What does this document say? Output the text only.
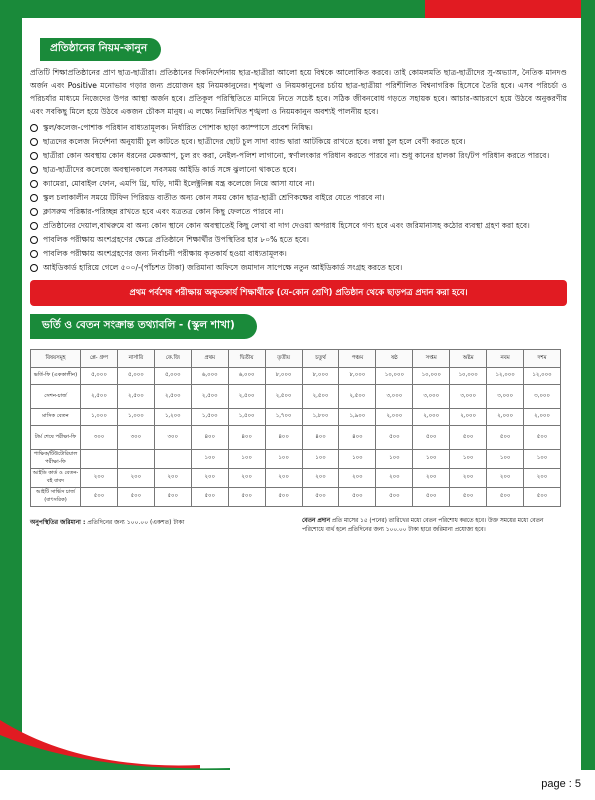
প্রতিষ্ঠানের নিয়ম-কানুন

প্রতিটি শিক্ষাপ্রতিষ্ঠানের প্রাণ ছাত্র-ছাত্রীরা। প্রতিষ্ঠানের দিকনির্দেশনায় ছাত্র-ছাত্রীরা আলো হয়ে বিশ্বকে আলোকিত করবে। তাই কোমলমতি ছাত্র-ছাত্রীদের সু-অভ্যাস, নৈতিক মানদণ্ড অর্জন এবং Positive মনোভাব গড়ার জন্য প্রয়োজন হয় নিয়মকানুনের। শৃঙ্খলা ও নিয়মকানুনের চর্চায় ছাত্র-ছাত্রীয়া পরিশীলিত বিশ্বনাগরিক হিসেবে তৈরি হবে। এসব পরিচর্চা ও পরিচর্যার মাধ্যমে নিজেদের উপর আস্থা অর্জন হবে। প্রতিকূল পরিস্থিতিতে মানিয়ে নিতে সচেষ্ট হবে। সঠিক জীবনবোধ গড়তে সহায়ক হবে। আচার-আচরণে হয়ে উঠবে অনুকরণীয় এবং সবকিছু মিলে হয়ে উঠবে একজন চৌকস মানুষ। এ লক্ষ্যে নিম্নলিখিত শৃঙ্খলা ও নিয়মকানুন অবশ্যই পালনীয় হবে।

স্কুল/কলেজ-পোশাক পরিধান বাধ্যতামূলক। নির্ধারিত পোশাক ছাড়া ক্যাম্পাসে প্রবেশ নিষিদ্ধ।
ছাত্রদের কলেজ নির্দেশনা অনুযায়ী চুল কাটতে হবে। ছাত্রীদের ছোট চুল সাদা ব্যান্ড দ্বারা আটকিয়ে রাখতে হবে। লম্বা চুল হলে বেণী করতে হবে।
ছাত্রীরা কোন অবস্থায় কোন ধরনের মেকআপ, চুল রং করা, নেইল-পলিশ লাগানো, স্বর্ণালংকার পরিধান করতে পারবে না। শুধু কানের হালকা রিং/টপ পরিধান করতে পারবে।
ছাত্র-ছাত্রীদের কলেজে অবস্থানকালে সবসময় আইডি কার্ড সঙ্গে ঝুলানো থাকতে হবে।
ক্যামেরা, মোবাইল ফোন, এমপি থ্রি, ঘড়ি, দামী ইলেক্ট্রনিক্স যন্ত্র কলেজে নিয়ে আসা যাবে না।
স্কুল চলাকালীন সময়ে টিফিন পিরিয়ড ব্যতীত অন্য কোন সময় কোন ছাত্র-ছাত্রী শ্রেণিকক্ষের বাইরে যেতে পারবে না।
ক্লাসরুম পরিষ্কার-পরিচ্ছন্ন রাখতে হবে এবং যত্রতত্র কোন কিছু ফেলতে পারবে না।
প্রতিষ্ঠানের দেয়াল,বাথরুমে বা অন্য কোন স্থানে কোন অবস্থাতেই কিছু লেখা বা দাগ দেওয়া অপরাধ হিসেবে গণ্য হবে এবং জরিমানাসহ কঠোর ব্যবস্থা গ্রহণ করা হবে।
পাবলিক পরীক্ষায় অংশগ্রহণের ক্ষেত্রে প্রতিষ্ঠানে শিক্ষার্থীর উপস্থিতির হার ৮০% হতে হবে।
পাবলিক পরীক্ষায় অংশগ্রহণের জন্য নির্বাচনী পরীক্ষায় কৃতকার্য হওয়া বাধ্যতামূলক।
আইডিকার্ড হারিয়ে গেলে ৫০০/-(পাঁচশত টাকা) জরিমানা অফিসে জমাদান সাপেক্ষে নতুন আইডিকার্ড সংগ্রহ করতে হবে।
প্রথম পর্বশেষ পরীক্ষায় অকৃতকার্য শিক্ষার্থীকে (যে-কোন শ্রেণি) প্রতিষ্ঠান থেকে ছাড়পত্র প্রদান করা হবে।
ভর্তি ও বেতন সংক্রান্ত তথ্যাবলি - (স্কুল শাখা)
বিষয়সমূহ	প্লে- গ্রুপ	নার্সারি	কে.জি	প্রথম	দ্বিতীয়	তৃতীয়	চতুর্থ	পঞ্চম	ষষ্ঠ	সপ্তম	অষ্টম	নবম	দশম
ভর্তি-ফি (এককালীন)	৫,০০০	৫,০০০	৫,০০০	৬,০০০	৬,০০০	৮,০০০	৮,০০০	৮,০০০	১০,০০০	১০,০০০	১০,০০০	১২,০০০	১২,০০০
সেশন-চার্জ	২,৫০০	২,৫০০	২,৫০০	২,৫০০	২,৫০০	২,৫০০	২,৫০০	২,৫০০	৩,০০০	৩,০০০	৩,০০০	৩,০০০	৩,০০০
মাসিক বেতন	১,০০০	১,০০০	১,২০০	১,৫০০	১,৫০০	১,৭০০	১,৮০০	১,৯০০	২,০০০	২,০০০	২,০০০	২,০০০	২,০০০
টার্ম শেষে পরীক্ষা-ফি	৩০০	৩০০	৩০০	৪০০	৪০০	৪০০	৪০০	৪০০	৫০০	৫০০	৫০০	৫০০	৫০০
পাক্ষিক/টিউটোরিয়াল পরীক্ষা-ফি				১০০	১০০	১০০	১০০	১০০	১০০	১০০	১০০	১০০	১০০
আইডি কার্ড ও বেতন-বই বাবদ	২০০	২০০	২০০	২০০	২০০	২০০	২০০	২০০	২০০	২০০	২০০	২০০	২০০
আইটি সার্ভিস চার্জ (বাৎসরিক)	৫০০	৫০০	৫০০	৫০০	৫০০	৫০০	৫০০	৫০০	৫০০	৫০০	৫০০	৫০০	৫০০
অনুপস্থিতির জরিমানা : প্রতিদিনের জন্য ১০০.০০ (একশত) টাকা	বেতন প্রদান প্রতি মাসের ১৫ (পনের) তারিখের মধ্যে বেতন পরিশোধ করতে হবে। উক্ত সময়ের মধ্যে বেতন পরিশোধে ব্যর্থ হলে প্রতিদিনের জন্য ১০০.০০ টাকা হারে জরিমানা প্রযোজ্য হবে।
page : 5
